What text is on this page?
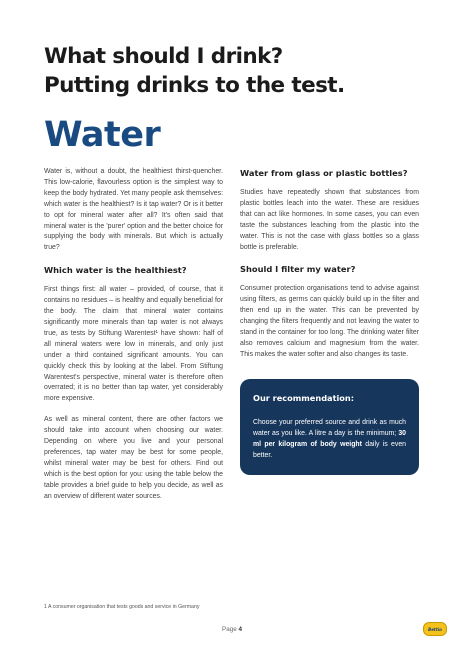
What should I drink?
Putting drinks to the test.
Water

Water is, without a doubt, the healthiest thirst-quencher. This low-calorie, flavourless option is the simplest way to keep the body hydrated. Yet many people ask themselves: which water is the healthiest? Is it tap water? Or is it better to opt for mineral water after all? It's often said that mineral water is the 'purer' option and the better choice for supplying the body with minerals. But which is actually true?

Which water is the healthiest?

First things first: all water – provided, of course, that it contains no residues – is healthy and equally beneficial for the body. The claim that mineral water contains significantly more minerals than tap water is not always true, as tests by Stiftung Warentest¹ have shown: half of all mineral waters were low in minerals, and only just under a third contained significant amounts. You can quickly check this by looking at the label. From Stiftung Warentest's perspective, mineral water is therefore often overrated; it is no better than tap water, yet considerably more expensive.

As well as mineral content, there are other factors we should take into account when choosing our water. Depending on where you live and your personal preferences, tap water may be best for some people, whilst mineral water may be best for others. Find out which is the best option for you: using the table below the table provides a brief guide to help you decide, as well as an overview of different water sources.

Water from glass or plastic bottles?

Studies have repeatedly shown that substances from plastic bottles leach into the water. These are residues that can act like hormones. In some cases, you can even taste the substances leaching from the plastic into the water. This is not the case with glass bottles so a glass bottle is preferable.

Should I filter my water?

Consumer protection organisations tend to advise against using filters, as germs can quickly build up in the filter and then end up in the water. This can be prevented by changing the filters frequently and not leaving the water to stand in the container for too long. The drinking water filter also removes calcium and magnesium from the water. This makes the water softer and also changes its taste.

Our recommendation:

Choose your preferred source and drink as much water as you like. A litre a day is the minimum; 30 ml per kilogram of body weight daily is even better.

1 A consumer organisation that tests goods and service in Germany
Page 4	Bettio
